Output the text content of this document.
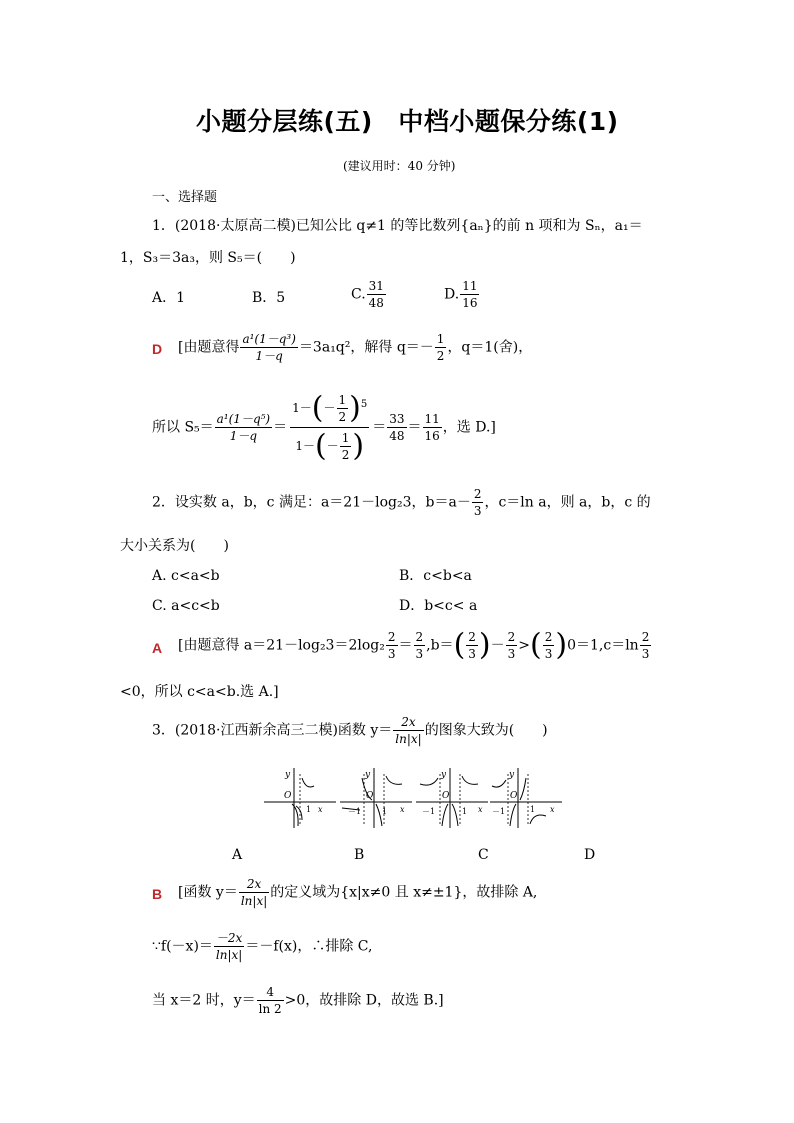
小题分层练(五)　中档小题保分练(1)
(建议用时：40 分钟)
一、选择题
1．(2018·太原高二模)已知公比 q≠1 的等比数列{aₙ}的前 n 项和为 Sₙ，a₁＝
1，S₃＝3a₃，则 S₅＝(　　)
A．1	B．5	C. $\frac{31}{48}$	D. $\frac{11}{16}$
D [由题意得 $\frac{\text{a¹(1－q³)}}{1-q} =3a_1q^2$，解得 $q=- \frac{1}{2}$ ，q＝1(舍)，
所以 $S_5= \frac{\text{a¹(1－q⁵)}}{1-q} = \frac{1-(- \frac{1}{2} )^5}{1-(- \frac{1}{2} )} = \frac{33}{48} = \frac{11}{16}$ ，选 D.]
2．设实数 a，b，c 满足：a＝21－log₂3，$b=a- \frac{2}{3}$ ，c＝ln a，则 a，b，c 的
大小关系为(　　)
A. c<a<b	B．c<b<a
C. a<c<b	D．b<c< a
A [由题意得 $a=21-\log_23=2\log_2 \frac{2}{3} = \frac{2}{3} ,b=( \frac{2}{3}$ )－ $\frac{2}{3}$ >( $\frac{2}{3} )0=1,c=\ln \frac{2}{3}$
<0，所以 c<a<b.选 A.]
3．(2018·江西新余高三二模)函数 $y= \frac{2x}{\ln|x|}$ 的图象大致为(　　)
y
O
1 x
y
O
－1	1 x
y
O
－1	1 x
y
O
－1	1 x
A	B	C	D
B [函数 $y= \frac{2x}{\ln|x|}$ 的定义域为{x|x≠0 且 x≠±1}，故排除 A,
∵f(－x)＝ $\frac{-2x}{\ln|x|} =-f(x)$，∴排除 C,
当 x＝2 时，$y= \frac{4}{\ln 2} >0$，故排除 D，故选 B.]
